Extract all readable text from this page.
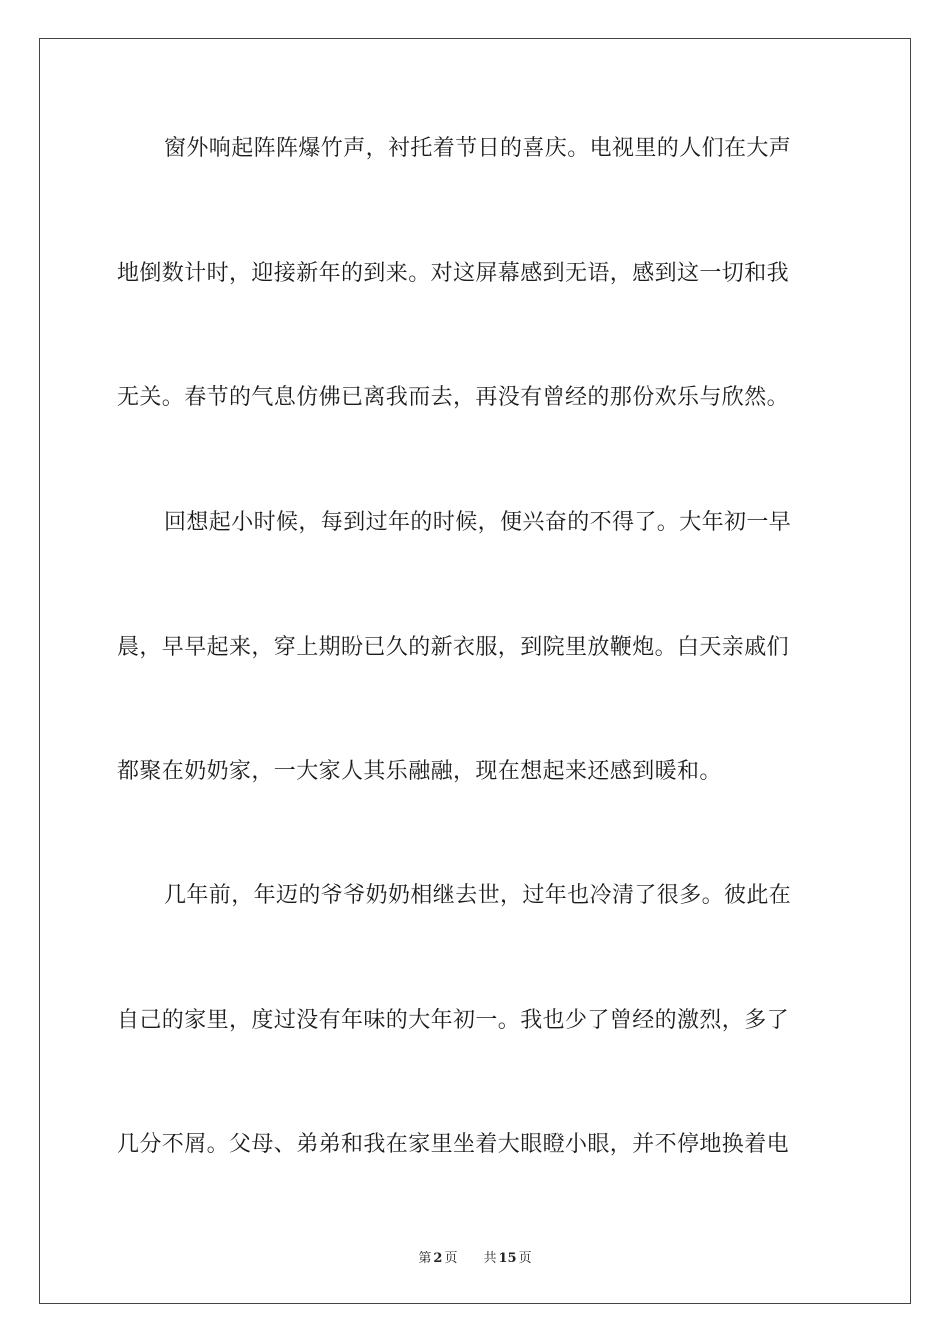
窗外响起阵阵爆竹声，衬托着节日的喜庆。电视里的人们在大声
地倒数计时，迎接新年的到来。对这屏幕感到无语，感到这一切和我
无关。春节的气息仿佛已离我而去，再没有曾经的那份欢乐与欣然。
回想起小时候，每到过年的时候，便兴奋的不得了。大年初一早
晨，早早起来，穿上期盼已久的新衣服，到院里放鞭炮。白天亲戚们
都聚在奶奶家，一大家人其乐融融，现在想起来还感到暖和。
几年前，年迈的爷爷奶奶相继去世，过年也冷清了很多。彼此在
自己的家里，度过没有年味的大年初一。我也少了曾经的激烈，多了
几分不屑。父母、弟弟和我在家里坐着大眼瞪小眼，并不停地换着电
第 2 页 共 15 页
